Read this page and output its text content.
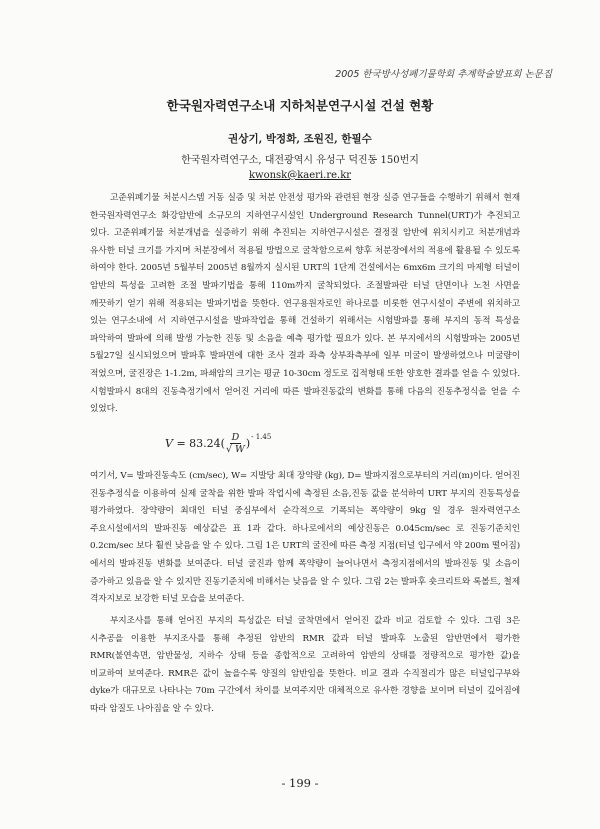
2005 한국방사성폐기물학회 추계학술발표회 논문집
한국원자력연구소내 지하처분연구시설 건설 현황
권상기, 박정화, 조원진, 한필수
한국원자력연구소, 대전광역시 유성구 덕진동 150번지
kwonsk@kaeri.re.kr

고준위폐기물 처분시스템 거동 실증 및 처분 안전성 평가와 관련된 현장 실증 연구들을 수행하기 위해서 현재 한국원자력연구소 화강암반에 소규모의 지하연구시설인 Underground Research Tunnel(URT)가 추진되고 있다. 고준위폐기물 처분개념을 실증하기 위해 추진되는 지하연구시설은 결정질 암반에 위치시키고 처분개념과 유사한 터널 크기를 가지며 처분장에서 적용될 방법으로 굴착함으로써 향후 처분장에서의 적용에 활용될 수 있도록 하여야 한다. 2005년 5월부터 2005년 8월까지 실시된 URT의 1단계 건설에서는 6mx6m 크기의 마제형 터널이 암반의 특성을 고려한 조절 발파기법을 통해 110m까지 굴착되었다. 조절발파란 터널 단면이나 노천 사면을 깨끗하기 얻기 위해 적용되는 발파기법을 뜻한다. 연구용원자로인 하나로를 비롯한 연구시설이 주변에 위치하고 있는 연구소내에 서 지하연구시설을 발파작업을 통해 건설하기 위해서는 시험발파를 통해 부지의 동적 특성을 파악하여 발파에 의해 발생 가능한 진동 및 소음을 예측 평가할 필요가 있다. 본 부지에서의 시험발파는 2005년 5월27일 실시되었으며 발파후 발파면에 대한 조사 결과 좌측 상부좌측부에 일부 미굴이 발생하였으나 미굴량이 적었으며, 굴진장은 1-1.2m, 파쇄암의 크기는 평균 10-30cm 정도로 집적형태 또한 양호한 결과를 얻을 수 있었다. 시험발파시 8대의 진동측정기에서 얻어진 거리에 따른 발파진동값의 변화를 통해 다음의 진동추정식을 얻을 수 있었다.

V = 83.24 ( $\frac{D}{√ W}$ )
- 1.45

여기서, V= 발파진동속도 (cm/sec), W= 지발당 최대 장약량 (kg), D= 발파지점으로부터의 거리(m)이다. 얻어진 진동추정식을 이용하여 실제 굴착을 위한 발파 작업시에 측정된 소음,진동 값을 분석하여 URT 부지의 진동특성을 평가하였다. 장약량이 최대인 터널 중심부에서 순각적으로 기폭되는 폭약량이 9kg 일 경우 원자력연구소 주요시설에서의 발파진동 예상값은 표 1과 같다. 하나로에서의 예상진동은 0.045cm/sec 로 진동기준치인 0.2cm/sec 보다 훨씬 낮음을 알 수 있다. 그림 1은 URT의 굴진에 따른 측정 지점(터널 입구에서 약 200m 떨어짐)에서의 발파진동 변화를 보여준다. 터널 굴진과 함께 폭약량이 늘어나면서 측정지점에서의 발파진동 및 소음이 증가하고 있음을 알 수 있지만 진동기준치에 비해서는 낮음을 알 수 있다. 그림 2는 발파후 숏크리트와 록볼트, 철제 격자지보로 보강한 터널 모습을 보여준다.

부지조사를 통해 얻어진 부지의 특성값은 터널 굴착면에서 얻어진 값과 비교 검토할 수 있다. 그림 3은 시추공을 이용한 부지조사를 통해 추정된 암반의 RMR 값과 터널 발파후 노출된 암반면에서 평가한 RMR(불연속면, 암반물성, 지하수 상태 등을 종합적으로 고려하여 암반의 상태를 정량적으로 평가한 값)을 비교하여 보여준다. RMR은 값이 높을수록 양질의 암반임을 뜻한다. 비교 결과 수직절리가 많은 터널입구부와 dyke가 대규모로 나타나는 70m 구간에서 차이를 보여주지만 대체적으로 유사한 경향을 보이며 터널이 깊어짐에 따라 암질도 나아짐을 알 수 있다.

- 199 -
